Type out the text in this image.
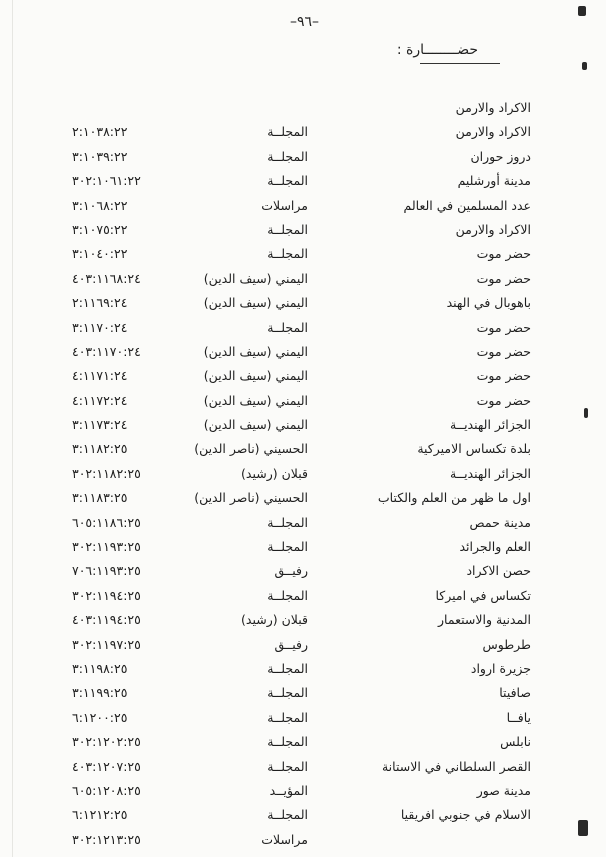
–٩٦–
حضــــــــارة :
الاكراد والارمن
الاكراد والارمن
المجلــة
٢:١٠٣٨:٢٢
دروز حوران
المجلــة
٣:١٠٣٩:٢٢
مدينة أورشليم
المجلــة
٣٠٢:١٠٦١:٢٢
عدد المسلمين في العالم
مراسلات
٣:١٠٦٨:٢٢
الاكراد والارمن
المجلــة
٣:١٠٧٥:٢٢
حضر موت
المجلــة
٣:١٠٤٠:٢٢
حضر موت
اليمني (سيف الدين)
٤٠٣:١١٦٨:٢٤
باهوبال في الهند
اليمني (سيف الدين)
٢:١١٦٩:٢٤
حضر موت
المجلــة
٣:١١٧٠:٢٤
حضر موت
اليمني (سيف الدين)
٤٠٣:١١٧٠:٢٤
حضر موت
اليمني (سيف الدين)
٤:١١٧١:٢٤
حضر موت
اليمني (سيف الدين)
٤:١١٧٢:٢٤
الجزائر الهنديــة
اليمني (سيف الدين)
٣:١١٧٣:٢٤
بلدة تكساس الاميركية
الحسيني (ناصر الدين)
٣:١١٨٢:٢٥
الجزائر الهنديــة
قبلان (رشيد)
٣٠٢:١١٨٢:٢٥
اول ما ظهر من العلم والكتاب
الحسيني (ناصر الدين)
٣:١١٨٣:٢٥
مدينة حمص
المجلــة
٦٠٥:١١٨٦:٢٥
العلم والجرائد
المجلــة
٣٠٢:١١٩٣:٢٥
حصن الاكراد
رفيــق
٧٠٦:١١٩٣:٢٥
تكساس في اميركا
المجلــة
٣٠٢:١١٩٤:٢٥
المدنية والاستعمار
قبلان (رشيد)
٤٠٣:١١٩٤:٢٥
طرطوس
رفيــق
٣٠٢:١١٩٧:٢٥
جزيرة ارواد
المجلــة
٣:١١٩٨:٢٥
صافيتا
المجلــة
٣:١١٩٩:٢٥
يافــا
المجلــة
٦:١٢٠٠:٢٥
نابلس
المجلــة
٣٠٢:١٢٠٢:٢٥
القصر السلطاني في الاستانة
المجلــة
٤٠٣:١٢٠٧:٢٥
مدينة صور
المؤيــد
٦٠٥:١٢٠٨:٢٥
الاسلام في جنوبي افريقيا
المجلــة
٦:١٢١٢:٢٥
مراسلات
٣٠٢:١٢١٣:٢٥
